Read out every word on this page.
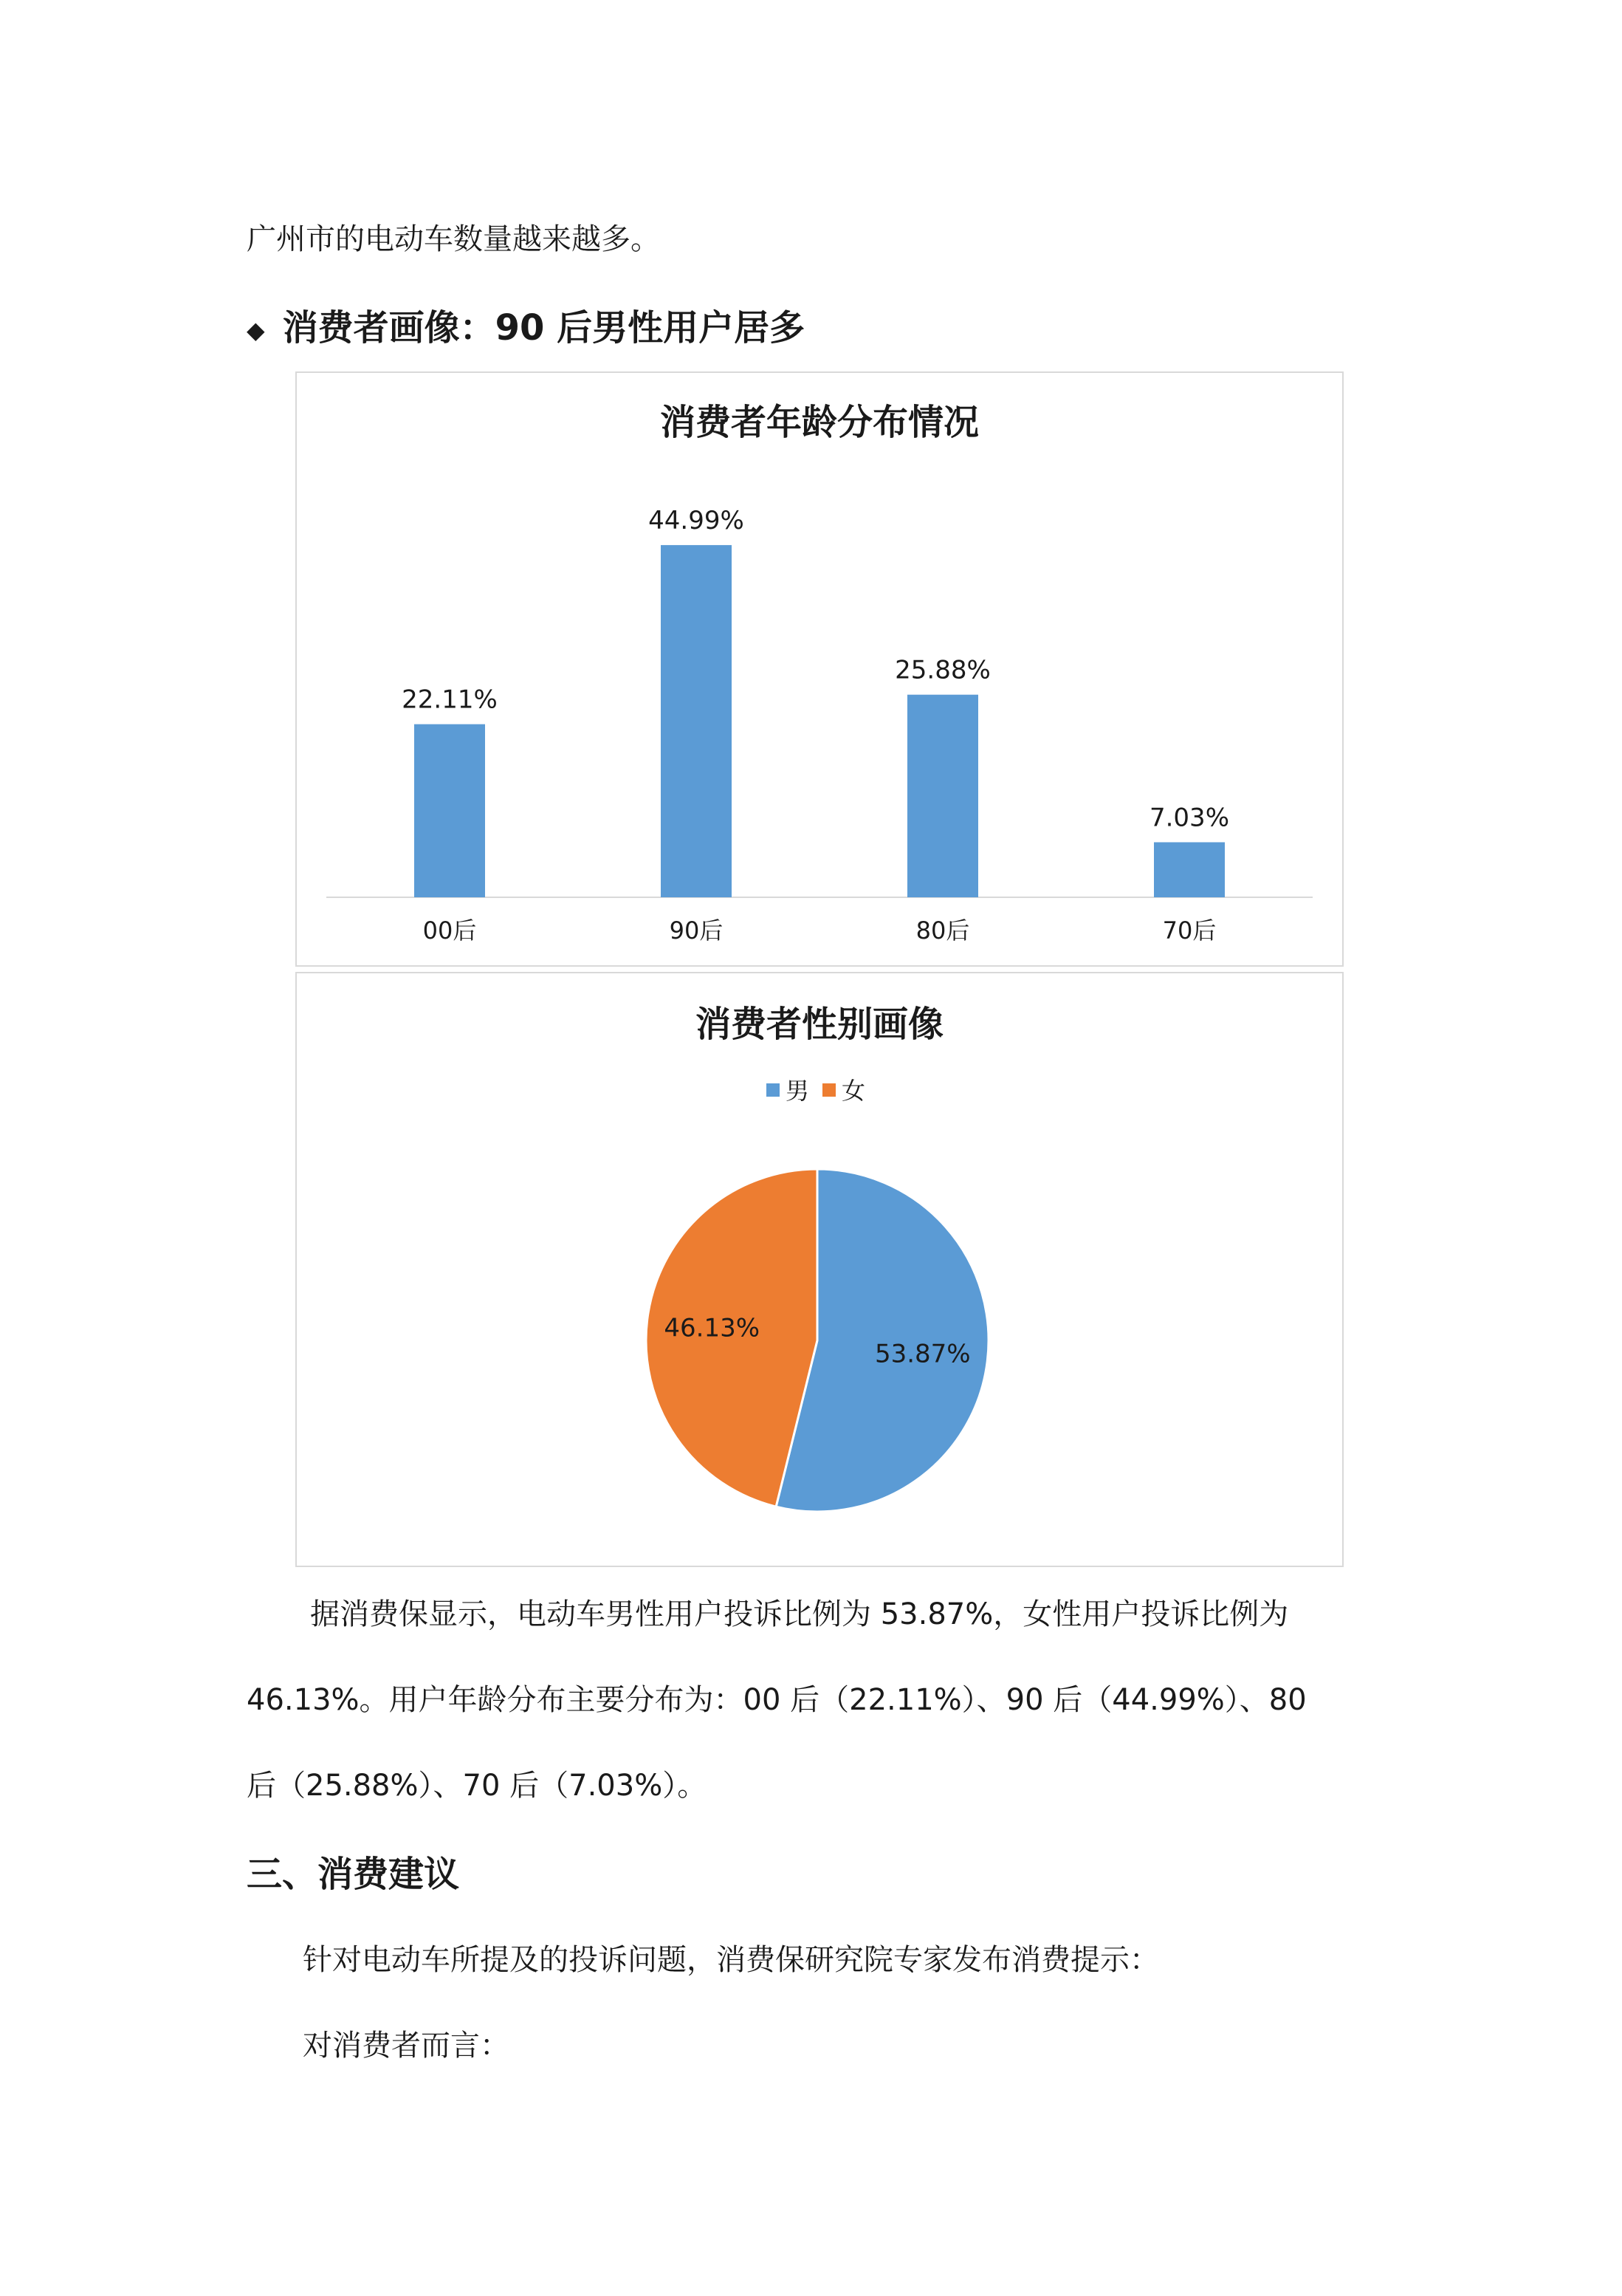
广州市的电动车数量越来越多。
◆ 消费者画像：90 后男性用户居多
消费者年龄分布情况
22.11%
00后
44.99%
90后
25.88%
80后
7.03%
70后
消费者性别画像
男 女
53.87%
46.13%
据消费保显示，电动车男性用户投诉比例为 53.87%，女性用户投诉比例为
46.13%。用户年龄分布主要分布为：00 后（22.11%）、90 后（44.99%）、80
后（25.88%）、70 后（7.03%）。
三、消费建议
针对电动车所提及的投诉问题，消费保研究院专家发布消费提示：
对消费者而言：
